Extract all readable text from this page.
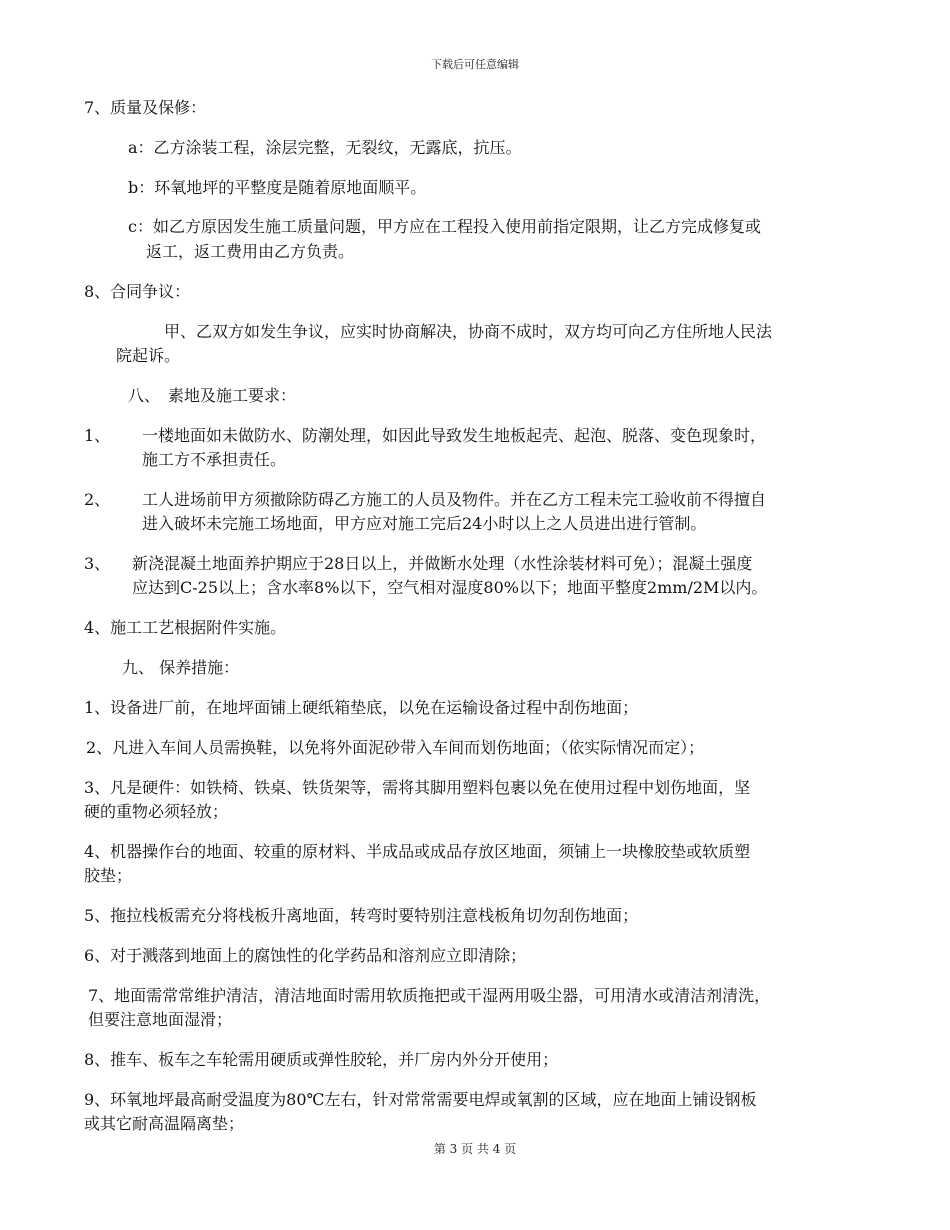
下载后可任意编辑
7、质量及保修：
a：乙方涂装工程，涂层完整，无裂纹，无露底，抗压。
b：环氧地坪的平整度是随着原地面顺平。
c：如乙方原因发生施工质量问题，甲方应在工程投入使用前指定限期，让乙方完成修复或
返工，返工费用由乙方负责。
8、合同争议：
甲、乙双方如发生争议，应实时协商解决，协商不成时，双方均可向乙方住所地人民法
院起诉。
八、　素地及施工要求：
1、 一楼地面如未做防水、防潮处理，如因此导致发生地板起壳、起泡、脱落、变色现象时，
施工方不承担责任。
2、 工人进场前甲方须撤除防碍乙方施工的人员及物件。并在乙方工程未完工验收前不得擅自
进入破坏未完施工场地面，甲方应对施工完后24小时以上之人员进出进行管制。
3、 新浇混凝土地面养护期应于28日以上，并做断水处理（水性涂装材料可免）；混凝土强度
应达到C-25以上；含水率8%以下，空气相对湿度80%以下；地面平整度2mm/2M以内。
4、施工工艺根据附件实施。
九、 保养措施：
1、设备进厂前，在地坪面铺上硬纸箱垫底，以免在运输设备过程中刮伤地面；
2、凡进入车间人员需换鞋，以免将外面泥砂带入车间而划伤地面；（依实际情况而定）；
3、凡是硬件：如铁椅、铁桌、铁货架等，需将其脚用塑料包裹以免在使用过程中划伤地面，坚
硬的重物必须轻放；
4、机器操作台的地面、较重的原材料、半成品或成品存放区地面，须铺上一块橡胶垫或软质塑
胶垫；
5、拖拉栈板需充分将栈板升离地面，转弯时要特别注意栈板角切勿刮伤地面；
6、对于溅落到地面上的腐蚀性的化学药品和溶剂应立即清除；
7、地面需常常维护清洁，清洁地面时需用软质拖把或干湿两用吸尘器，可用清水或清洁剂清洗，
但要注意地面湿滑；
8、推车、板车之车轮需用硬质或弹性胶轮，并厂房内外分开使用；
9、环氧地坪最高耐受温度为80℃左右，针对常常需要电焊或氧割的区域，应在地面上铺设钢板
或其它耐高温隔离垫；
第 3 页 共 4 页
